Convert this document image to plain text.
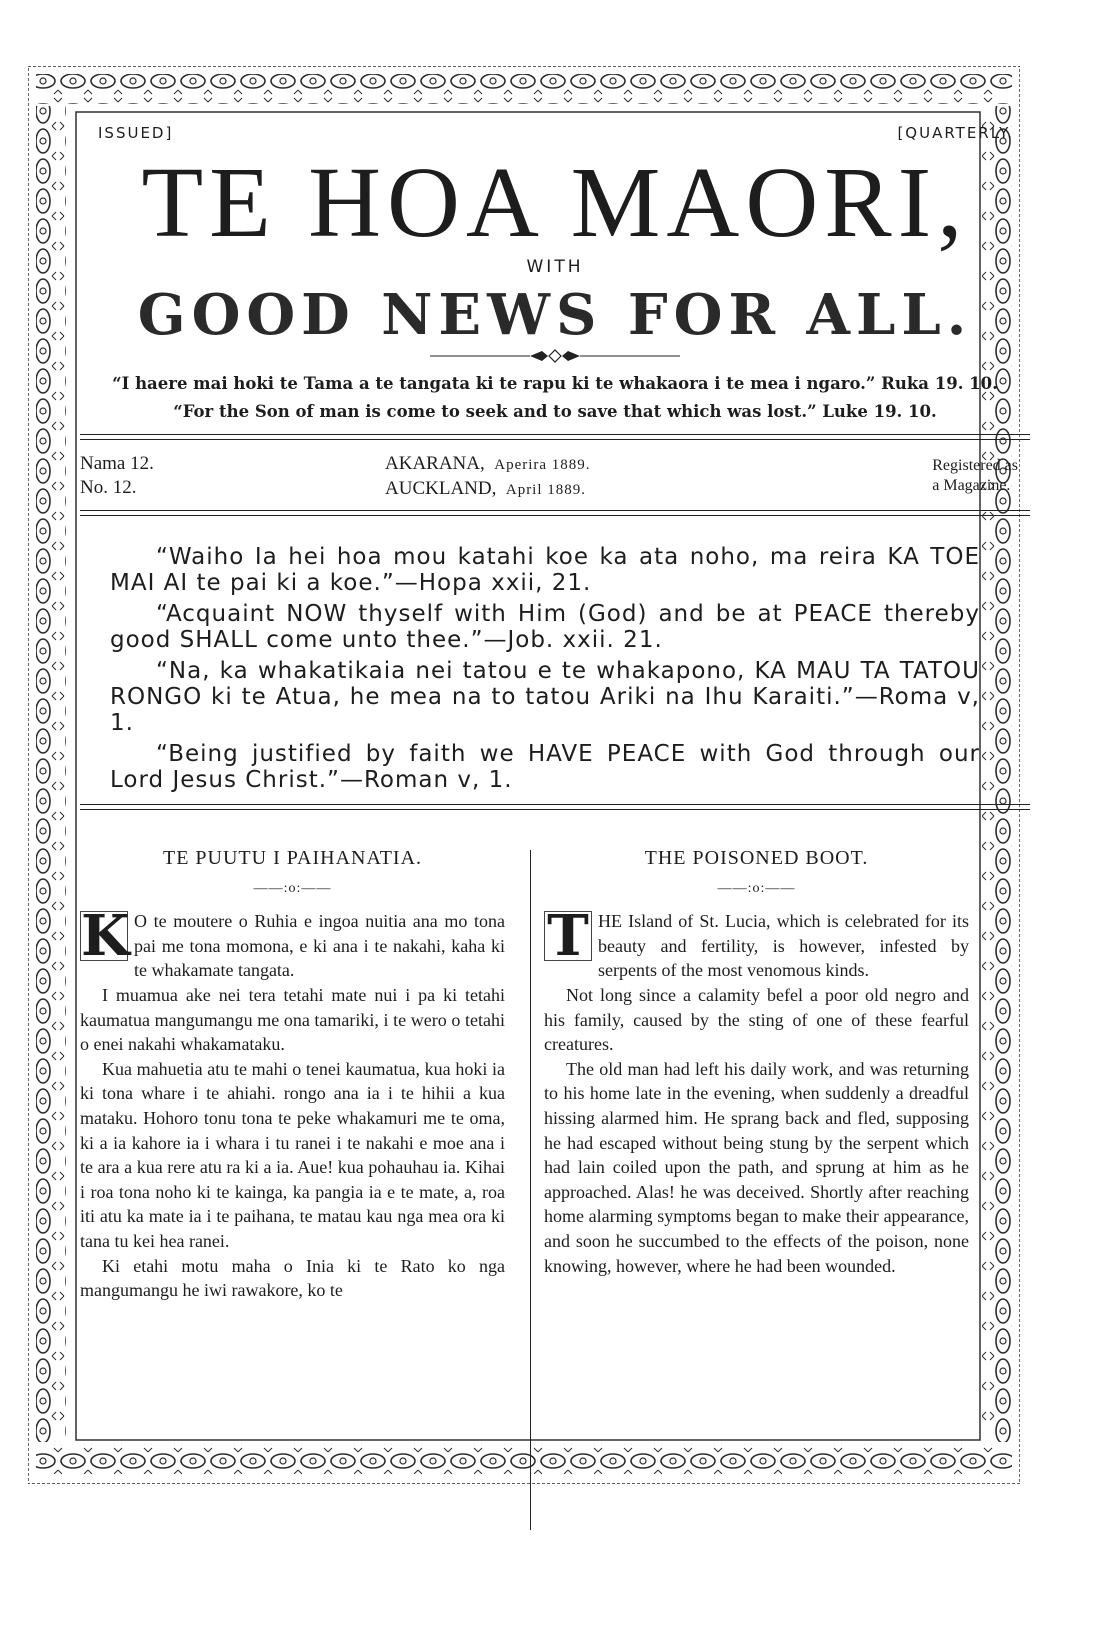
ISSUED]	[QUARTERLY.
TE HOA MAORI,
WITH
GOOD NEWS FOR ALL.
“I haere mai hoki te Tama a te tangata ki te rapu ki te whakaora i te mea i ngaro.” Ruka 19. 10.
“For the Son of man is come to seek and to save that which was lost.” Luke 19. 10.
Nama 12.
No. 12.
AKARANA, Aperira 1889.
AUCKLAND, April 1889.
Registered as
a Magazine.

“Waiho Ia hei hoa mou katahi koe ka ata noho, ma reira KA TOE MAI AI te pai ki a koe.”—Hopa xxii, 21.

“Acquaint NOW thyself with Him (God) and be at PEACE thereby good SHALL come unto thee.”—Job. xxii. 21.

“Na, ka whakatikaia nei tatou e te whakapono, KA MAU TA TATOU RONGO ki te Atua, he mea na to tatou Ariki na Ihu Karaiti.”—Roma v, 1.

“Being justified by faith we HAVE PEACE with God through our Lord Jesus Christ.”—Roman v, 1.

TE PUUTU I PAIHANATIA.
——:o:——

K O te moutere o Ruhia e ingoa nuitia ana mo tona pai me tona momona, e ki ana i te nakahi, kaha ki te whakamate tangata.

I muamua ake nei tera tetahi mate nui i pa ki tetahi kaumatua mangumangu me ona tamariki, i te wero o tetahi o enei nakahi whakamataku.

Kua mahuetia atu te mahi o tenei kaumatua, kua hoki ia ki tona whare i te ahiahi. rongo ana ia i te hihii a kua mataku. Hohoro tonu tona te peke whakamuri me te oma, ki a ia kahore ia i whara i tu ranei i te nakahi e moe ana i te ara a kua rere atu ra ki a ia. Aue! kua pohauhau ia. Kihai i roa tona noho ki te kainga, ka pangia ia e te mate, a, roa iti atu ka mate ia i te paihana, te matau kau nga mea ora ki tana tu kei hea ranei.

Ki etahi motu maha o Inia ki te Rato ko nga mangumangu he iwi rawakore, ko te

THE POISONED BOOT.
——:o:——

T HE Island of St. Lucia, which is celebrated for its beauty and fertility, is however, infested by serpents of the most venomous kinds.

Not long since a calamity befel a poor old negro and his family, caused by the sting of one of these fearful creatures.

The old man had left his daily work, and was returning to his home late in the evening, when suddenly a dreadful hissing alarmed him. He sprang back and fled, supposing he had escaped without being stung by the serpent which had lain coiled upon the path, and sprung at him as he approached. Alas! he was deceived. Shortly after reaching home alarming symptoms began to make their appearance, and soon he succumbed to the effects of the poison, none knowing, however, where he had been wounded.
